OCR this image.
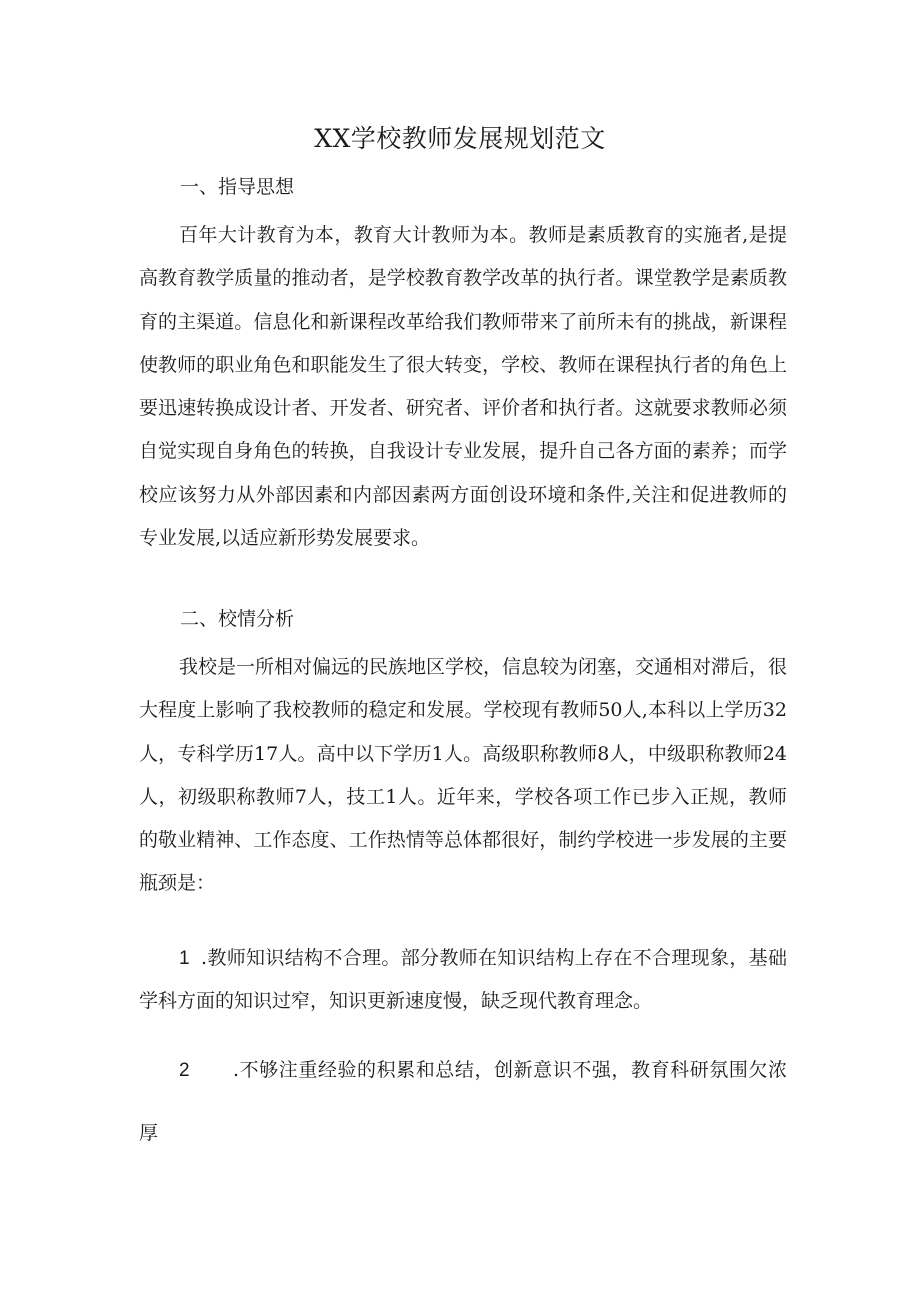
XX学校教师发展规划范文
一、指导思想

百年大计教育为本，教育大计教师为本。教师是素质教育的实施者,是提高教育教学质量的推动者，是学校教育教学改革的执行者。课堂教学是素质教育的主渠道。信息化和新课程改革给我们教师带来了前所未有的挑战，新课程使教师的职业角色和职能发生了很大转变，学校、教师在课程执行者的角色上要迅速转换成设计者、开发者、研究者、评价者和执行者。这就要求教师必须自觉实现自身角色的转换，自我设计专业发展，提升自己各方面的素养；而学校应该努力从外部因素和内部因素两方面创设环境和条件,关注和促进教师的专业发展,以适应新形势发展要求。

二、校情分析

我校是一所相对偏远的民族地区学校，信息较为闭塞，交通相对滞后，很大程度上影响了我校教师的稳定和发展。学校现有教师50人,本科以上学历32人，专科学历17人。高中以下学历1人。高级职称教师8人，中级职称教师24人，初级职称教师7人，技工1人。近年来，学校各项工作已步入正规，教师的敬业精神、工作态度、工作热情等总体都很好，制约学校进一步发展的主要瓶颈是：

1 .教师知识结构不合理。部分教师在知识结构上存在不合理现象，基础学科方面的知识过窄，知识更新速度慢，缺乏现代教育理念。

2 .不够注重经验的积累和总结，创新意识不强，教育科研氛围欠浓厚
